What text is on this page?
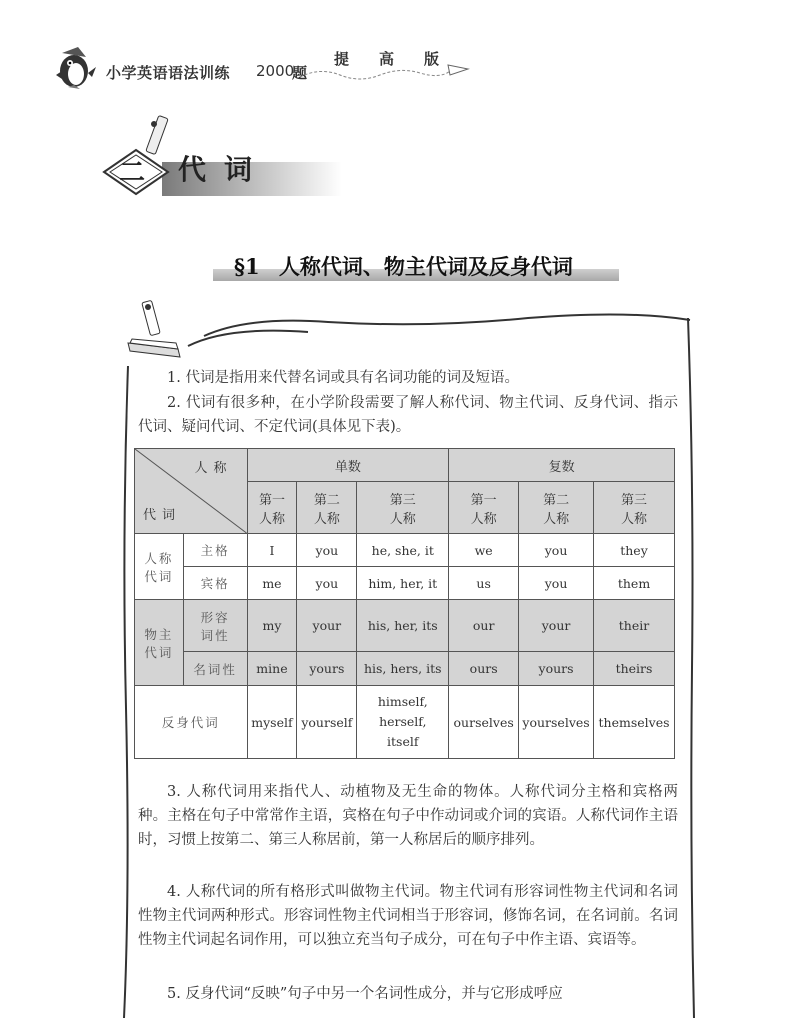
小学英语语法训练 2000
题
提高版
二 代词
§1 人称代词、物主代词及反身代词
1. 代词是指用来代替名词或具有名词功能的词及短语。
2. 代词有很多种，在小学阶段需要了解人称代词、物主代词、反身代词、指示代词、疑问代词、不定代词(具体见下表)。
人称
代词		单数			复数		
		第一人称	第二人称	第三人称	第一人称	第二人称	第三人称
人称代词	主格	I	you	he, she, it	we	you	they
	宾格	me	you	him, her, it	us	you	them
物主代词	形容词性	my	your	his, her, its	our	your	their
	名词性	mine	yours	his, hers, its	ours	yours	theirs
反身代词		myself	yourself	himself, herself, itself	ourselves	yourselves	themselves
3. 人称代词用来指代人、动植物及无生命的物体。人称代词分主格和宾格两种。主格在句子中常常作主语，宾格在句子中作动词或介词的宾语。人称代词作主语时，习惯上按第二、第三人称居前，第一人称居后的顺序排列。
4. 人称代词的所有格形式叫做物主代词。物主代词有形容词性物主代词和名词性物主代词两种形式。形容词性物主代词相当于形容词，修饰名词，在名词前。名词性物主代词起名词作用，可以独立充当句子成分，可在句子中作主语、宾语等。
5. 反身代词“反映”句子中另一个名词性成分，并与它形成呼应
